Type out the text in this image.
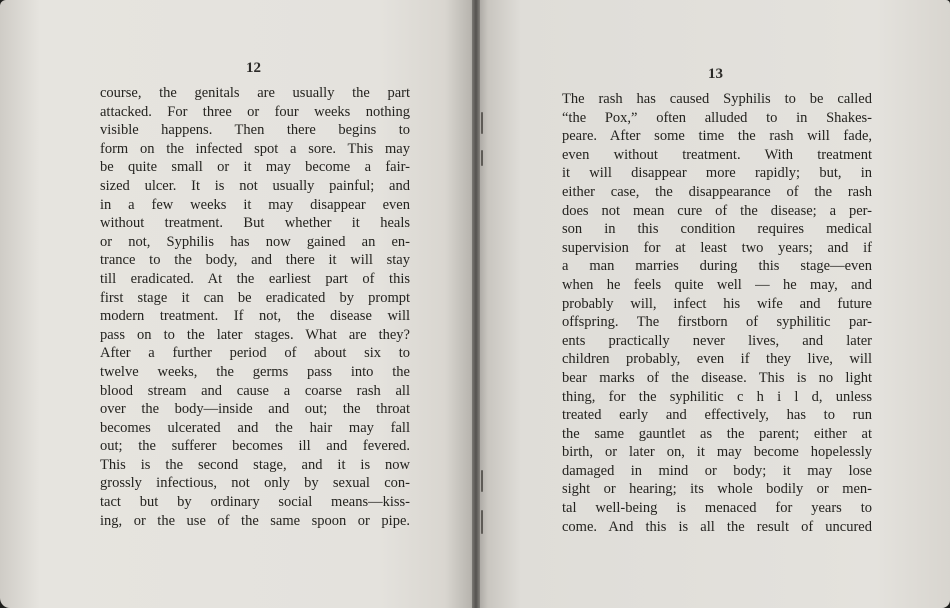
12
course, the genitals are usually the part
attacked. For three or four weeks nothing
visible happens. Then there begins to
form on the infected spot a sore. This may
be quite small or it may become a fair-
sized ulcer. It is not usually painful; and
in a few weeks it may disappear even
without treatment. But whether it heals
or not, Syphilis has now gained an en-
trance to the body, and there it will stay
till eradicated. At the earliest part of this
first stage it can be eradicated by prompt
modern treatment. If not, the disease will
pass on to the later stages. What are they?
After a further period of about six to
twelve weeks, the germs pass into the
blood stream and cause a coarse rash all
over the body—inside and out; the throat
becomes ulcerated and the hair may fall
out; the sufferer becomes ill and fevered.
This is the second stage, and it is now
grossly infectious, not only by sexual con-
tact but by ordinary social means—kiss-
ing, or the use of the same spoon or pipe.
13
The rash has caused Syphilis to be called
“the Pox,” often alluded to in Shakes-
peare. After some time the rash will fade,
even without treatment. With treatment
it will disappear more rapidly; but, in
either case, the disappearance of the rash
does not mean cure of the disease; a per-
son in this condition requires medical
supervision for at least two years; and if
a man marries during this stage—even
when he feels quite well — he may, and
probably will, infect his wife and future
offspring. The firstborn of syphilitic par-
ents practically never lives, and later
children probably, even if they live, will
bear marks of the disease. This is no light
thing, for the syphilitic c h i l d, unless
treated early and effectively, has to run
the same gauntlet as the parent; either at
birth, or later on, it may become hopelessly
damaged in mind or body; it may lose
sight or hearing; its whole bodily or men-
tal well-being is menaced for years to
come. And this is all the result of uncured
